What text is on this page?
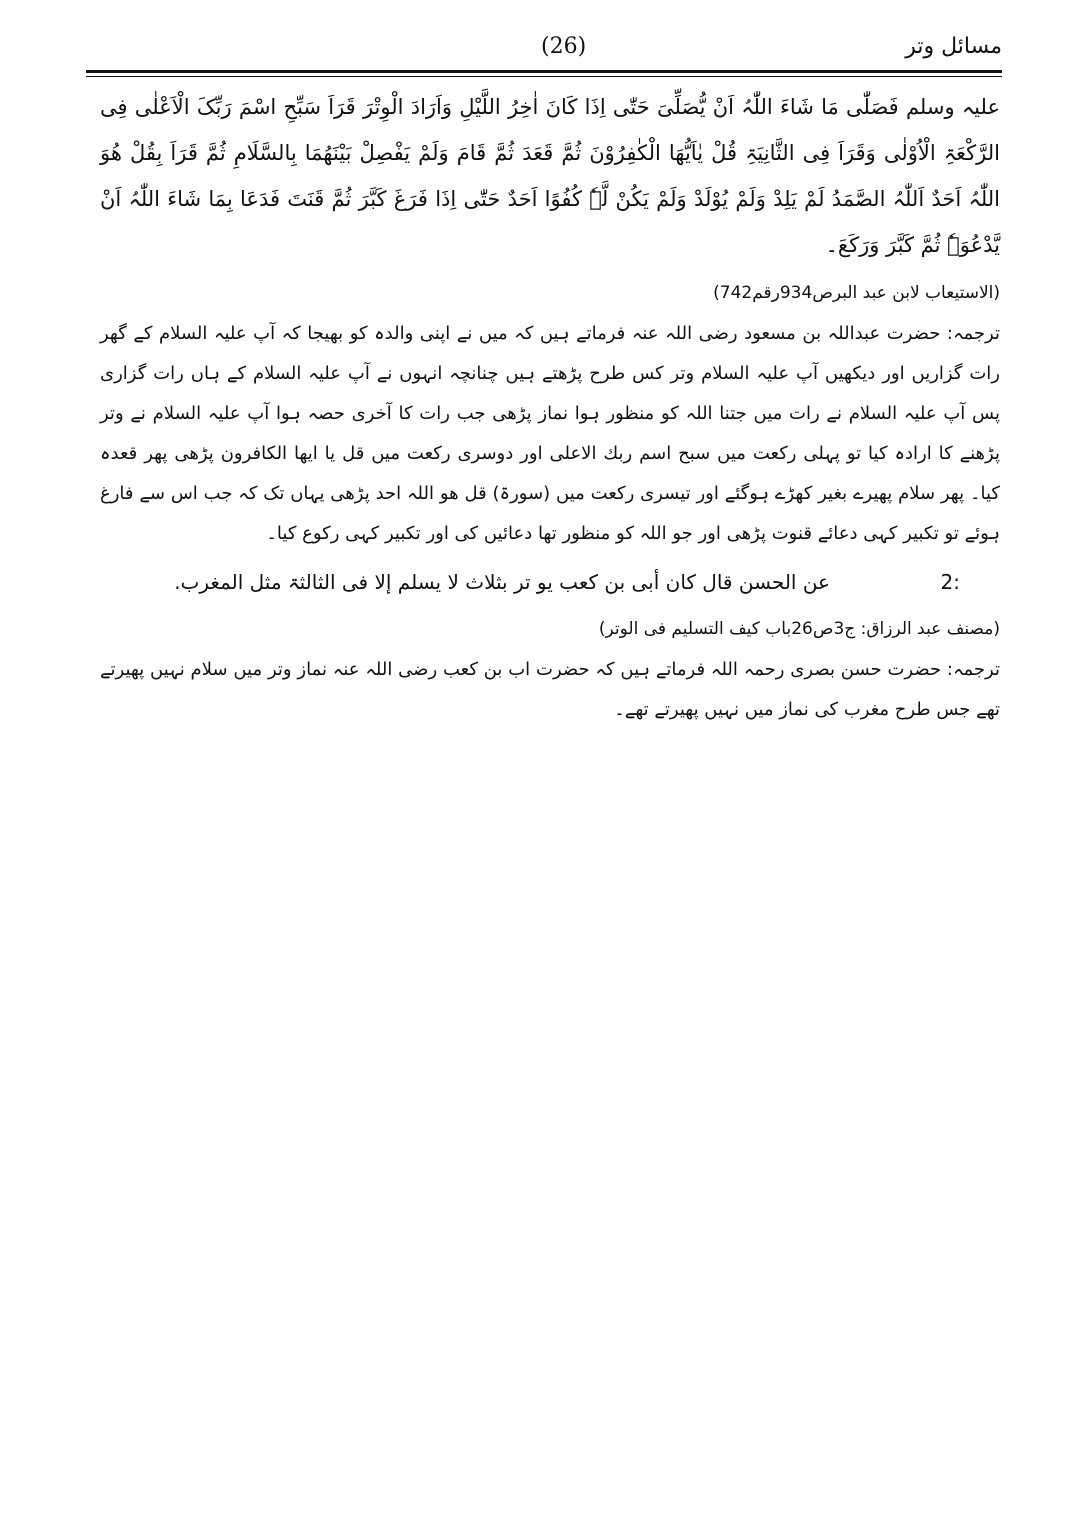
مسائل وتر
(26)

علیہ وسلم فَصَلّٰی مَا شَاءَ اللّٰہُ اَنْ یُّصَلِّیَ حَتّٰی اِذَا کَانَ اٰخِرُ اللَّیْلِ وَاَرَادَ الْوِتْرَ قَرَاَ سَبِّحِ اسْمَ رَبِّکَ الْاَعْلٰی فِی الرَّکْعَۃِ الْاُوْلٰی وَقَرَاَ فِی الثَّانِیَۃِ قُلْ یٰاَیُّھَا الْکٰفِرُوْنَ ثُمَّ قَعَدَ ثُمَّ قَامَ وَلَمْ یَفْصِلْ بَیْنَھُمَا بِالسَّلَامِ ثُمَّ قَرَاَ بِقُلْ ھُوَ اللّٰہُ اَحَدٌ اَللّٰہُ الصَّمَدُ لَمْ یَلِدْ وَلَمْ یُوْلَدْ وَلَمْ یَکُنْ لَّہٗ کُفُوًا اَحَدٌ حَتّٰی اِذَا فَرَغَ کَبَّرَ ثُمَّ قَنَتَ فَدَعَا بِمَا شَاءَ اللّٰہُ اَنْ یَّدْعُوَہٗ ثُمَّ کَبَّرَ وَرَکَعَ۔

(الاستیعاب لابن عبد البرص934رقم742)

ترجمہ: حضرت عبداللہ بن مسعود رضی اللہ عنہ فرماتے ہیں کہ میں نے اپنی والدہ کو بھیجا کہ آپ علیہ السلام کے گھر رات گزاریں اور دیکھیں آپ علیہ السلام وتر کس طرح پڑھتے ہیں چنانچہ انہوں نے آپ علیہ السلام کے ہاں رات گزاری پس آپ علیہ السلام نے رات میں جتنا اللہ کو منظور ہوا نماز پڑھی جب رات کا آخری حصہ ہوا آپ علیہ السلام نے وتر پڑھنے کا ارادہ کیا تو پہلی رکعت میں سبح اسم ربك الاعلی اور دوسری رکعت میں قل یا ایھا الکافرون پڑھی پھر قعدہ کیا۔ پھر سلام پھیرے بغیر کھڑے ہوگئے اور تیسری رکعت میں (سورۃ) قل ھو اللہ احد پڑھی یہاں تک کہ جب اس سے فارغ ہوئے تو تکبیر کہی دعائے قنوت پڑھی اور جو اللہ کو منظور تھا دعائیں کی اور تکبیر کہی رکوع کیا۔

:2
عن الحسن قال کان أبی بن کعب یو تر بثلاث لا یسلم إلا فی الثالثۃ مثل المغرب.
(مصنف عبد الرزاق: ج3ص26باب کیف التسلیم فی الوتر)

ترجمہ: حضرت حسن بصری رحمہ اللہ فرماتے ہیں کہ حضرت اب بن کعب رضی اللہ عنہ نماز وتر میں سلام نہیں پھیرتے تھے جس طرح مغرب کی نماز میں نہیں پھیرتے تھے۔
